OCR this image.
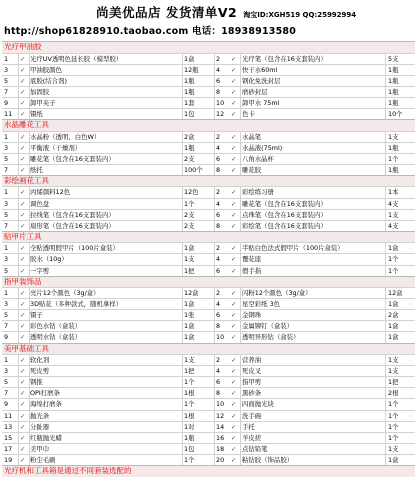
尚美优品店 发货清单V2 淘宝ID:XGH519 QQ:25992994
http://shop61828910.taobao.com 电话：18938913580
光疗甲油胶
1	✓ 光疗UV透明色延长胶（模型胶）	1盒	2	✓ 光疗笔（包含在16支套装内）	5支
3	✓ 甲油胶颜色	12瓶	4	✓ 快干水60ml	1瓶
5	✓ 底胶(结合剂)	1瓶	6	✓ 钢化免洗封层	1瓶
7	✓ 加固胶	1瓶	8	✓ 磨砂封层	1瓶
9	✓ 卸甲夹子	1套	10	✓ 卸甲水 75ml	1瓶
11	✓ 镊纸	1包	12	✓ 色卡	10个
水晶雕花工具
1	✓ 水晶粉（透明、白色W）	2盒	2	✓ 水晶笔	1支
3	✓ 平衡液（干燥剂）	1瓶	4	✓ 水晶液(75ml)	1瓶
5	✓ 雕花笔（包含在16支套装内）	2支	6	✓ 八角水晶杯	1个
7	✓ 纸托	100个	8	✓ 雕花胶	1瓶
彩绘画花工具
1	✓ 丙烯颜料12色	12色	2	✓ 彩绘练习册	1本
3	✓ 调色盘	1个	4	✓ 雕花笔（包含在16支套装内）	4支
5	✓ 拉线笔（包含在16支套装内）	2支	6	✓ 点珠笔（包含在16支套装内）	1支
7	✓ 扇形笔（包含在16支套装内）	2支	8	✓ 彩绘笔（包含在16支套装内）	4支
贴甲片工具
1	✓ 全贴透明假甲片（100片盒装）	1盒	2	✓ 半贴白色法式假甲片（100片盒装）	1盒
3	✓ 胶水（10g）	1支	4	✓ 覆花座	1个
5	✓ 一字剪	1把	6	✓ 假手指	1个
指甲装饰品
1	✓ 亮片12个颜色（3g/盒）	12盒	2	✓ 闪粉12个颜色（3g/盒）	12盒
3	✓ 3D贴花（多种款式，随机拿样）	1盒	4	✓ 星空彩纸 3色	1盒
5	✓ 镊子	1张	6	✓ 金钢珠	2盒
7	✓ 彩色水钻（盒装）	1盒	8	✓ 金属铆钉（盒装）	1盒
9	✓ 透明水钻（盒装）	1盒	10	✓ 透明异形钻（盒装）	1盒
美甲基础工具
1	✓ 软化剂	1支	2	✓ 营养油	1支
3	✓ 死皮剪	1把	4	✓ 死皮叉	1支
5	✓ 钢推	1个	6	✓ 指甲剪	1把
7	✓ OPI打磨条	1根	8	✓ 黑砂条	2根
9	✓ 海绵打磨条	1个	10	✓ 四面抛光块	1个
11	✓ 抛光条	1根	12	✓ 洗手碗	1个
13	✓ 分趾器	1对	14	✓ 手托	1个
15	✓ 红瓶抛光蜡	1瓶	16	✓ 羊皮搓	1个
17	✓ 美甲巾	1包	18	✓ 点钻铅笔	1支
19	✓ 粉尘毛刷	1个	20	✓ 粘钻胶（饰品胶）	1盒
光疗机和工具箱是通过不同套装选配的
